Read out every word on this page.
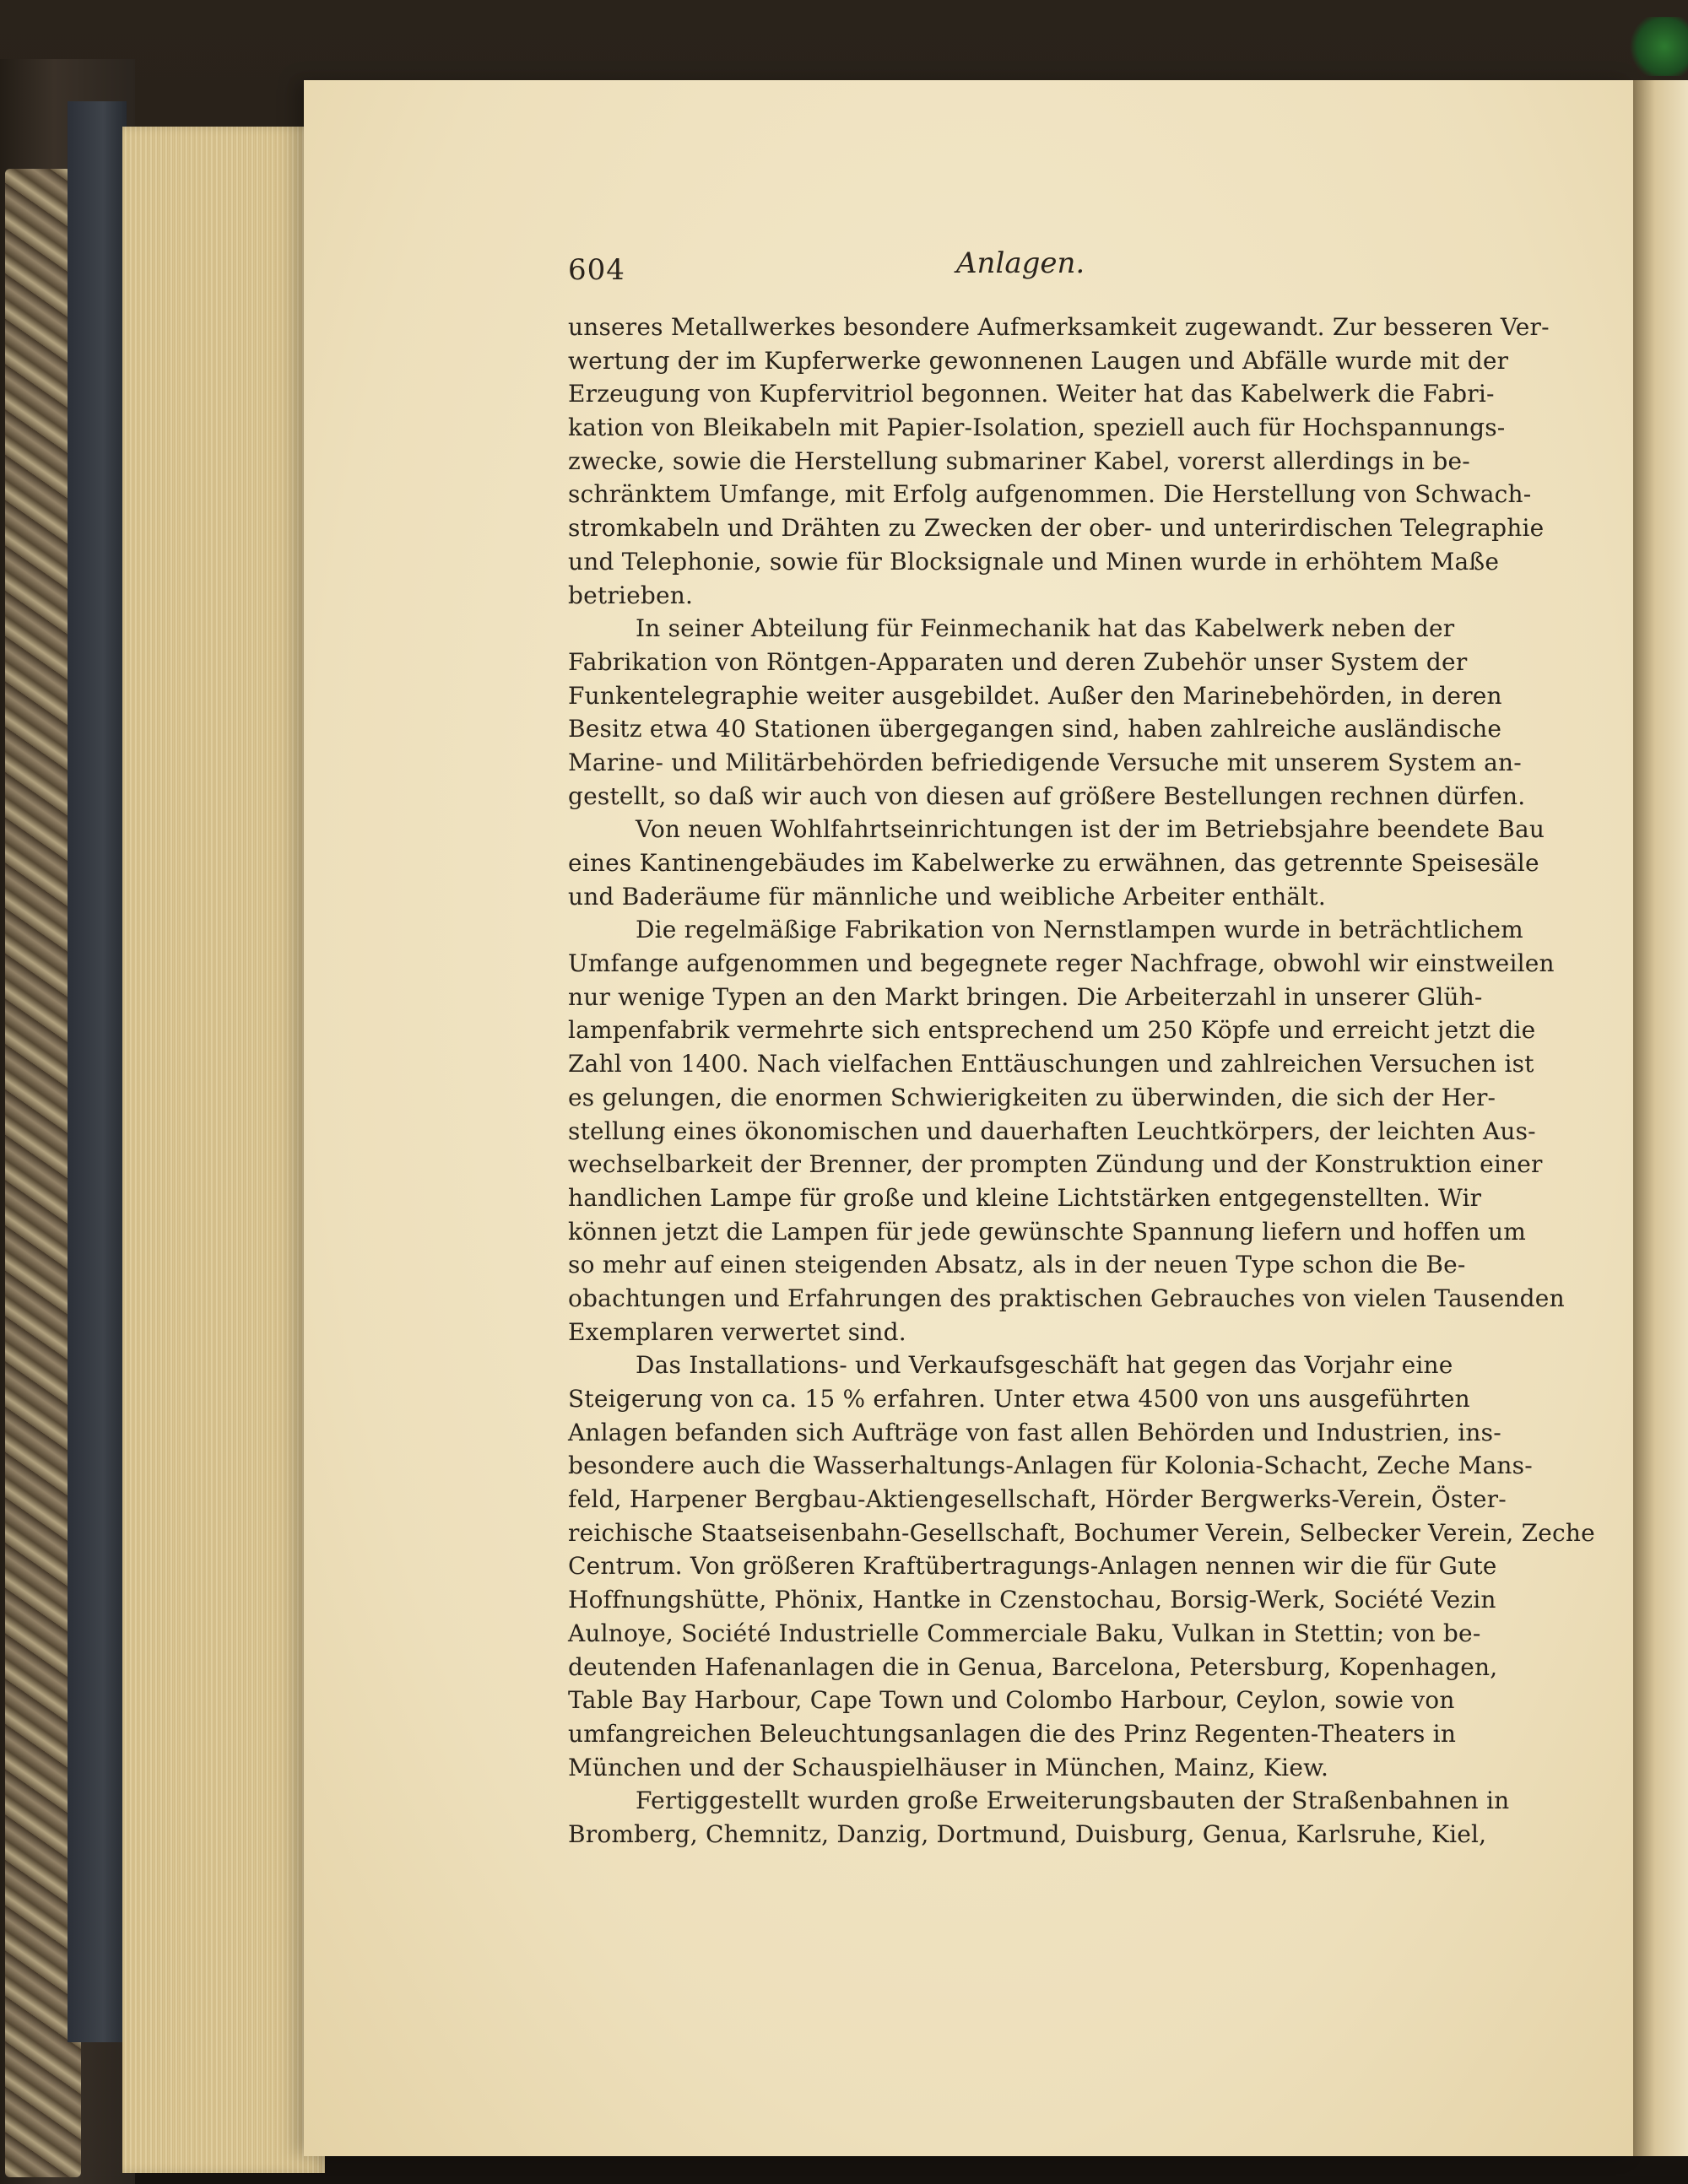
604	Anlagen.
unseres Metallwerkes besondere Aufmerksamkeit zugewandt. Zur besseren Ver-
wertung der im Kupferwerke gewonnenen Laugen und Abfälle wurde mit der
Erzeugung von Kupfervitriol begonnen. Weiter hat das Kabelwerk die Fabri-
kation von Bleikabeln mit Papier-Isolation, speziell auch für Hochspannungs-
zwecke, sowie die Herstellung submariner Kabel, vorerst allerdings in be-
schränktem Umfange, mit Erfolg aufgenommen. Die Herstellung von Schwach-
stromkabeln und Drähten zu Zwecken der ober- und unterirdischen Telegraphie
und Telephonie, sowie für Blocksignale und Minen wurde in erhöhtem Maße
betrieben.
In seiner Abteilung für Feinmechanik hat das Kabelwerk neben der
Fabrikation von Röntgen-Apparaten und deren Zubehör unser System der
Funkentelegraphie weiter ausgebildet. Außer den Marinebehörden, in deren
Besitz etwa 40 Stationen übergegangen sind, haben zahlreiche ausländische
Marine- und Militärbehörden befriedigende Versuche mit unserem System an-
gestellt, so daß wir auch von diesen auf größere Bestellungen rechnen dürfen.
Von neuen Wohlfahrtseinrichtungen ist der im Betriebsjahre beendete Bau
eines Kantinengebäudes im Kabelwerke zu erwähnen, das getrennte Speisesäle
und Baderäume für männliche und weibliche Arbeiter enthält.
Die regelmäßige Fabrikation von Nernstlampen wurde in beträchtlichem
Umfange aufgenommen und begegnete reger Nachfrage, obwohl wir einstweilen
nur wenige Typen an den Markt bringen. Die Arbeiterzahl in unserer Glüh-
lampenfabrik vermehrte sich entsprechend um 250 Köpfe und erreicht jetzt die
Zahl von 1400. Nach vielfachen Enttäuschungen und zahlreichen Versuchen ist
es gelungen, die enormen Schwierigkeiten zu überwinden, die sich der Her-
stellung eines ökonomischen und dauerhaften Leuchtkörpers, der leichten Aus-
wechselbarkeit der Brenner, der prompten Zündung und der Konstruktion einer
handlichen Lampe für große und kleine Lichtstärken entgegenstellten. Wir
können jetzt die Lampen für jede gewünschte Spannung liefern und hoffen um
so mehr auf einen steigenden Absatz, als in der neuen Type schon die Be-
obachtungen und Erfahrungen des praktischen Gebrauches von vielen Tausenden
Exemplaren verwertet sind.
Das Installations- und Verkaufsgeschäft hat gegen das Vorjahr eine
Steigerung von ca. 15 % erfahren. Unter etwa 4500 von uns ausgeführten
Anlagen befanden sich Aufträge von fast allen Behörden und Industrien, ins-
besondere auch die Wasserhaltungs-Anlagen für Kolonia-Schacht, Zeche Mans-
feld, Harpener Bergbau-Aktiengesellschaft, Hörder Bergwerks-Verein, Öster-
reichische Staatseisenbahn-Gesellschaft, Bochumer Verein, Selbecker Verein, Zeche
Centrum. Von größeren Kraftübertragungs-Anlagen nennen wir die für Gute
Hoffnungshütte, Phönix, Hantke in Czenstochau, Borsig-Werk, Société Vezin
Aulnoye, Société Industrielle Commerciale Baku, Vulkan in Stettin; von be-
deutenden Hafenanlagen die in Genua, Barcelona, Petersburg, Kopenhagen,
Table Bay Harbour, Cape Town und Colombo Harbour, Ceylon, sowie von
umfangreichen Beleuchtungsanlagen die des Prinz Regenten-Theaters in
München und der Schauspielhäuser in München, Mainz, Kiew.
Fertiggestellt wurden große Erweiterungsbauten der Straßenbahnen in
Bromberg, Chemnitz, Danzig, Dortmund, Duisburg, Genua, Karlsruhe, Kiel,
